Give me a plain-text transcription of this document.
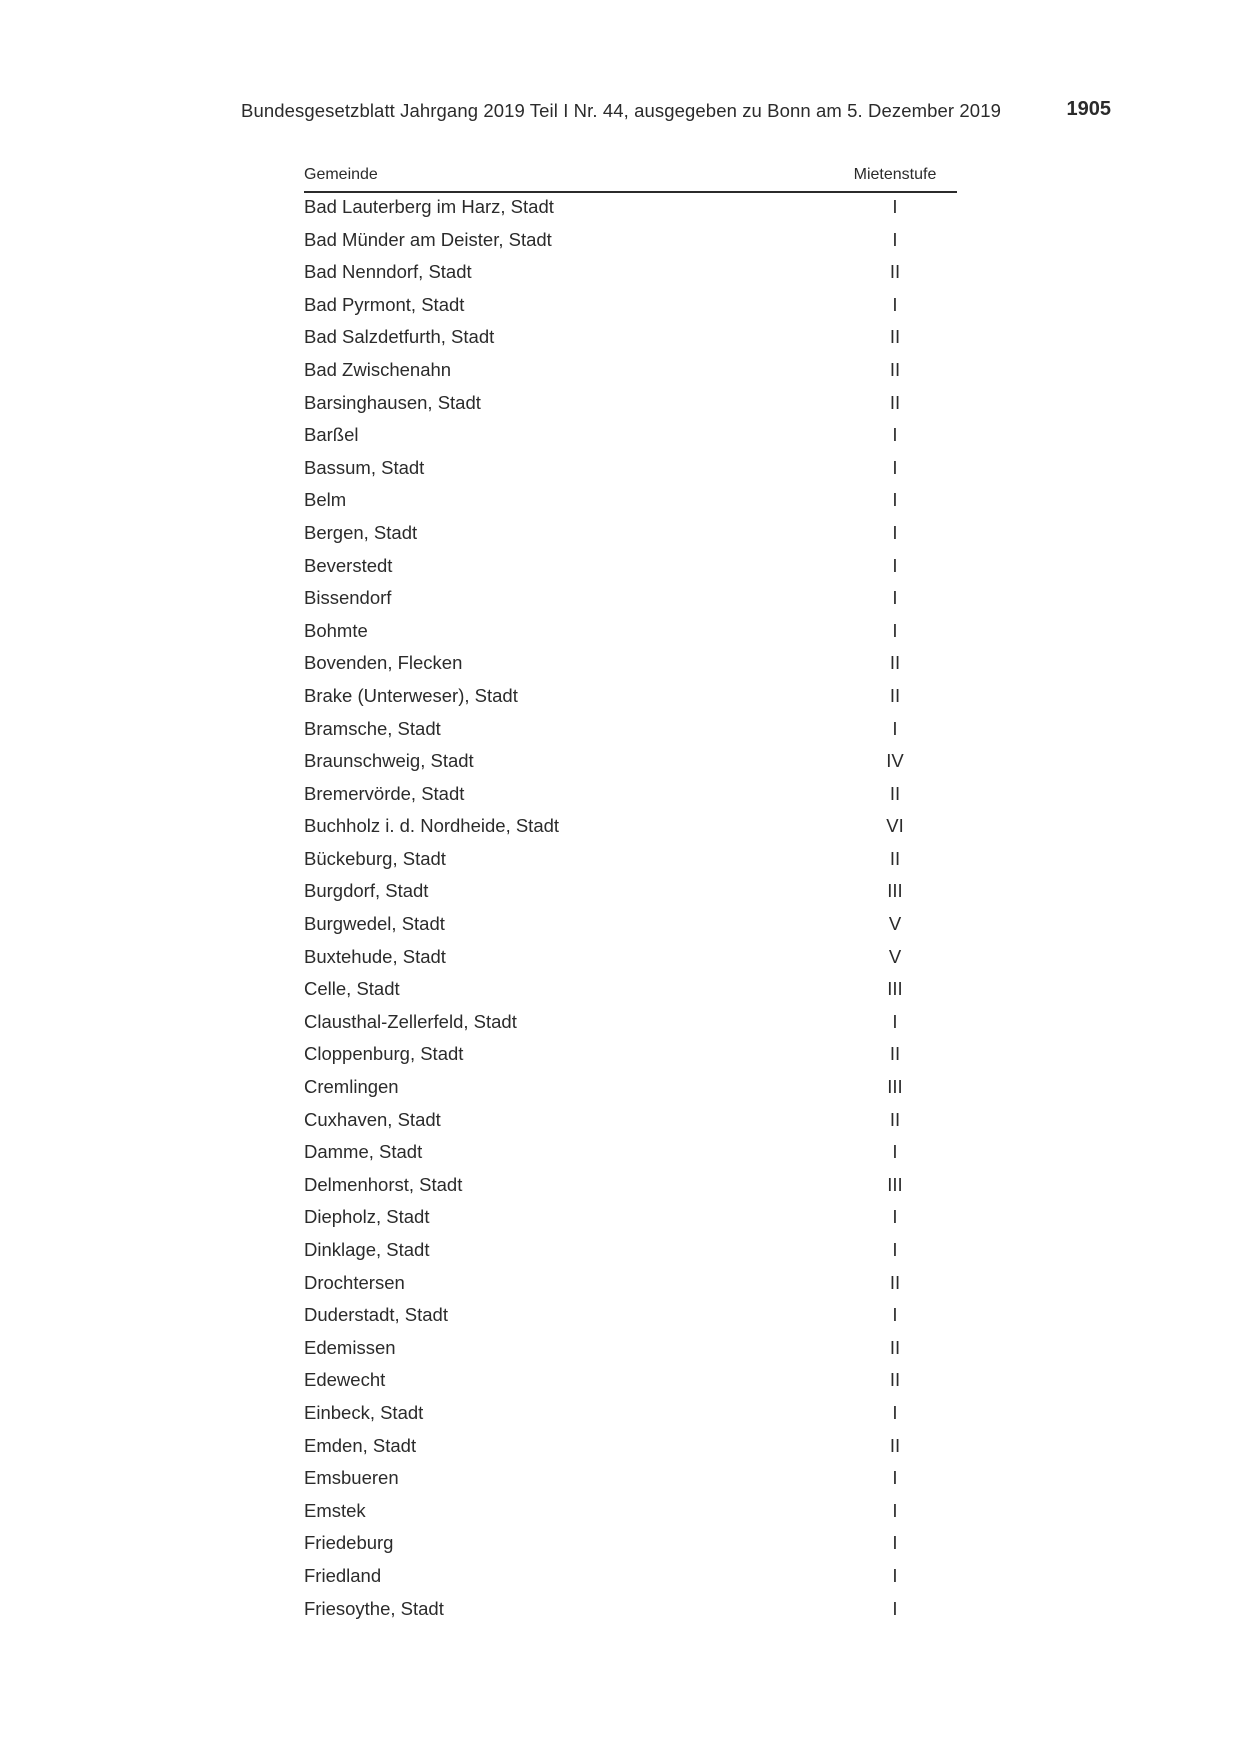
Bundesgesetzblatt Jahrgang 2019 Teil I Nr. 44, ausgegeben zu Bonn am 5. Dezember 2019	1905
Gemeinde	Mietenstufe
Bad Lauterberg im Harz, Stadt	I
Bad Münder am Deister, Stadt	I
Bad Nenndorf, Stadt	II
Bad Pyrmont, Stadt	I
Bad Salzdetfurth, Stadt	II
Bad Zwischenahn	II
Barsinghausen, Stadt	II
Barßel	I
Bassum, Stadt	I
Belm	I
Bergen, Stadt	I
Beverstedt	I
Bissendorf	I
Bohmte	I
Bovenden, Flecken	II
Brake (Unterweser), Stadt	II
Bramsche, Stadt	I
Braunschweig, Stadt	IV
Bremervörde, Stadt	II
Buchholz i. d. Nordheide, Stadt	VI
Bückeburg, Stadt	II
Burgdorf, Stadt	III
Burgwedel, Stadt	V
Buxtehude, Stadt	V
Celle, Stadt	III
Clausthal-Zellerfeld, Stadt	I
Cloppenburg, Stadt	II
Cremlingen	III
Cuxhaven, Stadt	II
Damme, Stadt	I
Delmenhorst, Stadt	III
Diepholz, Stadt	I
Dinklage, Stadt	I
Drochtersen	II
Duderstadt, Stadt	I
Edemissen	II
Edewecht	II
Einbeck, Stadt	I
Emden, Stadt	II
Emsbueren	I
Emstek	I
Friedeburg	I
Friedland	I
Friesoythe, Stadt	I
